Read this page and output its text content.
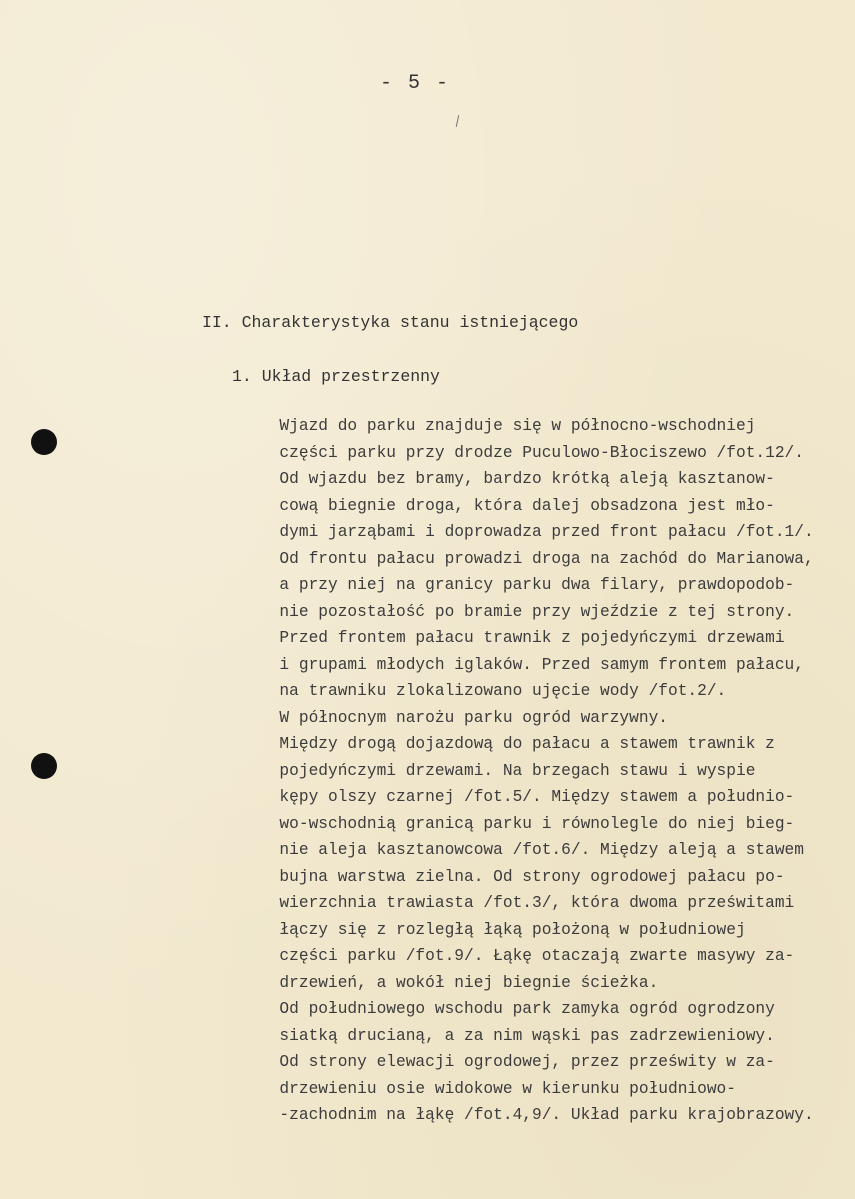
- 5 -
II. Charakterystyka stanu istniejącego
1. Układ przestrzenny
Wjazd do parku znajduje się w północno-wschodniej
części parku przy drodze Puculowo-Błociszewo /fot.12/.
Od wjazdu bez bramy, bardzo krótką aleją kasztanow-
cową biegnie droga, która dalej obsadzona jest mło-
dymi jarząbami i doprowadza przed front pałacu /fot.1/.
Od frontu pałacu prowadzi droga na zachód do Marianowa,
a przy niej na granicy parku dwa filary, prawdopodob-
nie pozostałość po bramie przy wjeździe z tej strony.
Przed frontem pałacu trawnik z pojedyńczymi drzewami
i grupami młodych iglaków. Przed samym frontem pałacu,
na trawniku zlokalizowano ujęcie wody /fot.2/.
W północnym narożu parku ogród warzywny.
Między drogą dojazdową do pałacu a stawem trawnik z
pojedyńczymi drzewami. Na brzegach stawu i wyspie
kępy olszy czarnej /fot.5/. Między stawem a południo-
wo-wschodnią granicą parku i równolegle do niej bieg-
nie aleja kasztanowcowa /fot.6/. Między aleją a stawem
bujna warstwa zielna. Od strony ogrodowej pałacu po-
wierzchnia trawiasta /fot.3/, która dwoma prześwitami
łączy się z rozległą łąką położoną w południowej
części parku /fot.9/. Łąkę otaczają zwarte masywy za-
drzewień, a wokół niej biegnie ścieżka.
Od południowego wschodu park zamyka ogród ogrodzony
siatką drucianą, a za nim wąski pas zadrzewieniowy.
Od strony elewacji ogrodowej, przez prześwity w za-
drzewieniu osie widokowe w kierunku południowo-
-zachodnim na łąkę /fot.4,9/. Układ parku krajobrazowy.
